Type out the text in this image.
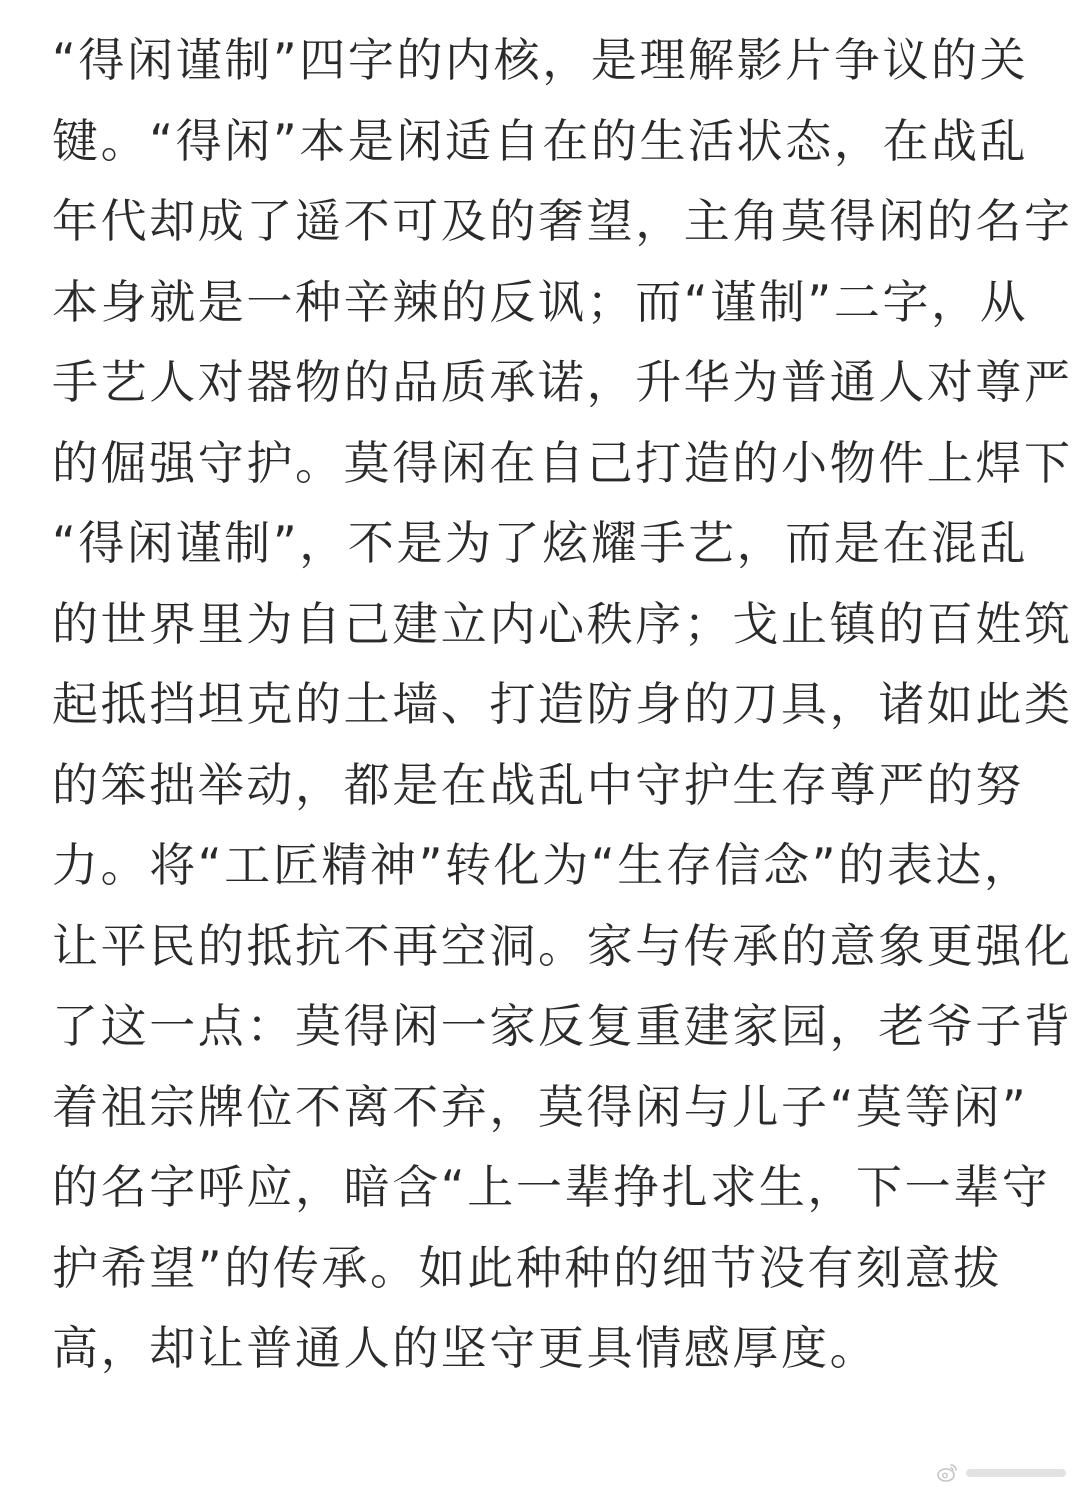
“得闲谨制”四字的内核，是理解影片争议的关
键。“得闲”本是闲适自在的生活状态，在战乱
年代却成了遥不可及的奢望，主角莫得闲的名字
本身就是一种辛辣的反讽；而“谨制”二字，从
手艺人对器物的品质承诺，升华为普通人对尊严
的倔强守护。莫得闲在自己打造的小物件上焊下
“得闲谨制”，不是为了炫耀手艺，而是在混乱
的世界里为自己建立内心秩序；戈止镇的百姓筑
起抵挡坦克的土墙、打造防身的刀具，诸如此类
的笨拙举动，都是在战乱中守护生存尊严的努
力。将“工匠精神”转化为“生存信念”的表达，
让平民的抵抗不再空洞。家与传承的意象更强化
了这一点：莫得闲一家反复重建家园，老爷子背
着祖宗牌位不离不弃，莫得闲与儿子“莫等闲”
的名字呼应，暗含“上一辈挣扎求生，下一辈守
护希望”的传承。如此种种的细节没有刻意拔
高，却让普通人的坚守更具情感厚度。
